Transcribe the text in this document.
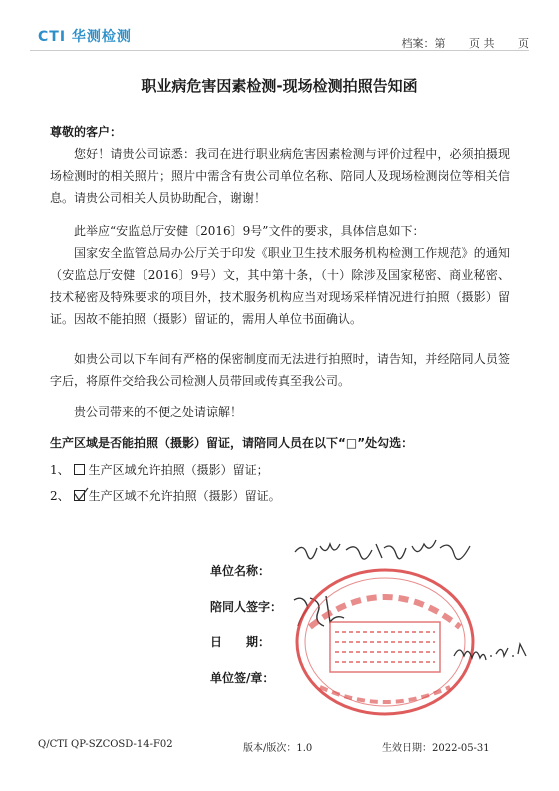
CTI 华测检测	档案：第 页 共 页
职业病危害因素检测-现场检测拍照告知函
尊敬的客户：
您好！请贵公司谅悉：我司在进行职业病危害因素检测与评价过程中，必须拍摄现场检测时的相关照片；照片中需含有贵公司单位名称、陪同人及现场检测岗位等相关信息。请贵公司相关人员协助配合，谢谢！
此举应“安监总厅安健〔2016〕9号”文件的要求，具体信息如下：
国家安全监管总局办公厅关于印发《职业卫生技术服务机构检测工作规范》的通知（安监总厅安健〔2016〕9号）文，其中第十条，（十）除涉及国家秘密、商业秘密、技术秘密及特殊要求的项目外，技术服务机构应当对现场采样情况进行拍照（摄影）留证。因故不能拍照（摄影）留证的，需用人单位书面确认。
如贵公司以下车间有严格的保密制度而无法进行拍照时，请告知，并经陪同人员签字后，将原件交给我公司检测人员带回或传真至我公司。
贵公司带来的不便之处请谅解！
生产区域是否能拍照（摄影）留证，请陪同人员在以下“□”处勾选：
1、 生产区域允许拍照（摄影）留证；
2、 生产区域不允许拍照（摄影）留证。
单位名称：
陪同人签字：
日　　期：
单位签/章：
Q/CTI QP-SZCOSD-14-F02	版本/版次：1.0	生效日期：2022-05-31
